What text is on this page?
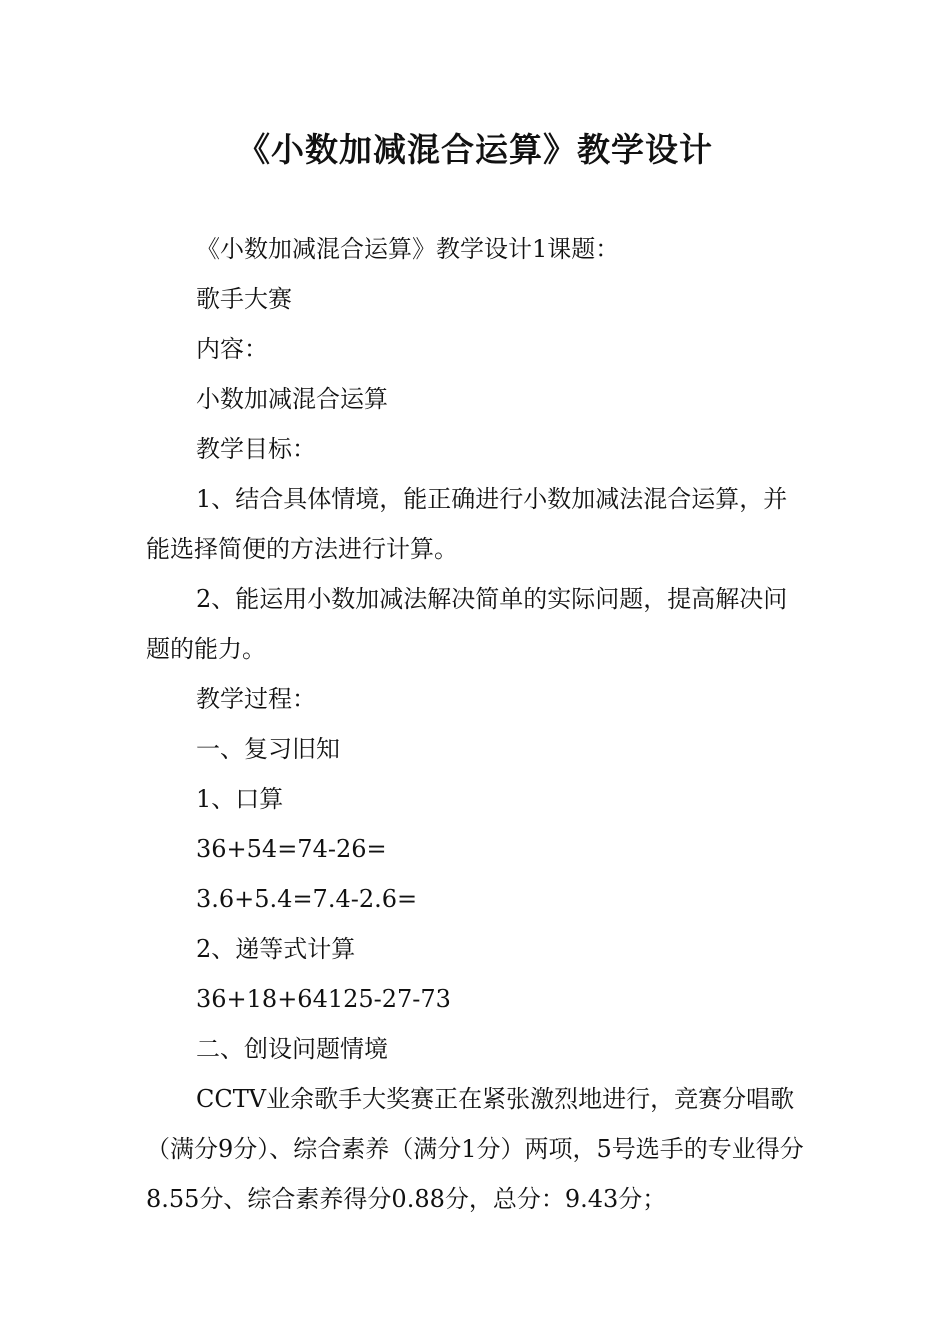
《小数加减混合运算》教学设计

《小数加减混合运算》教学设计1课题：

歌手大赛

内容：

小数加减混合运算

教学目标：

1、结合具体情境，能正确进行小数加减法混合运算，并能选择简便的方法进行计算。

2、能运用小数加减法解决简单的实际问题，提高解决问题的能力。

教学过程：

一、复习旧知

1、口算

36+54=74-26=

3.6+5.4=7.4-2.6=

2、递等式计算

36+18+64125-27-73

二、创设问题情境

CCTV业余歌手大奖赛正在紧张激烈地进行，竞赛分唱歌（满分9分）、综合素养（满分1分）两项，5号选手的专业得分8.55分、综合素养得分0.88分，总分：9.43分；
